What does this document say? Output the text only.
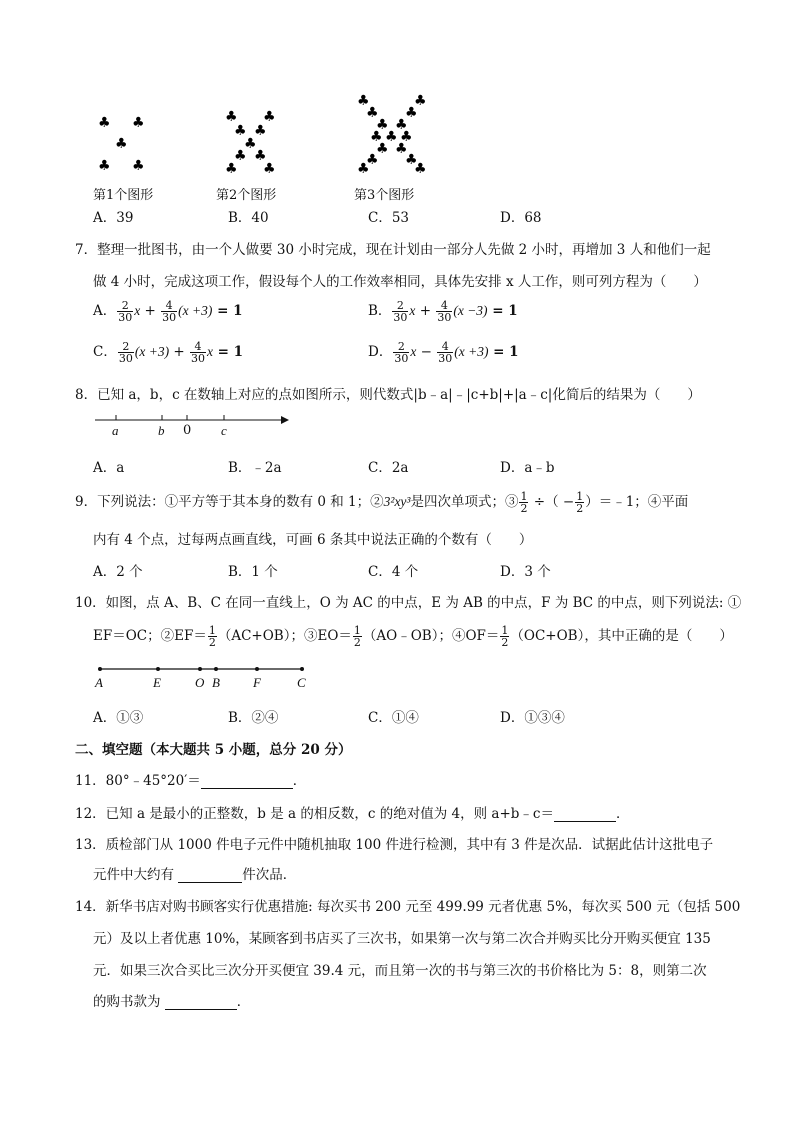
♣ ♣
♣
♣ ♣
♣ ♣
♣ ♣
♣
♣ ♣
♣ ♣
♣	♣
♣ ♣
♣ ♣
♣ ♣ ♣
♣ ♣
♣ ♣
♣	♣
第1个图形	第2个图形	第3个图形
A．39	B．40	C．53	D．68
7．整理一批图书，由一个人做要 30 小时完成，现在计划由一部分人先做 2 小时，再增加 3 人和他们一起
做 4 小时，完成这项工作，假设每个人的工作效率相同，具体先安排 x 人工作，则可列方程为（　　）
A． $\frac{2}{30}$ $x + \frac{4}{30} (x +3) = 1$	B． $\frac{2}{30}$ $x + \frac{4}{30} (x -3) = 1$
C． $\frac{2}{30} (x +3) + \frac{4}{30}$ x = 1	D． $\frac{2}{30}$ $x - \frac{4}{30} (x +3) = 1$
8．已知 a，b，c 在数轴上对应的点如图所示，则代数式|b﹣a|﹣|c+b|+|a﹣c|化简后的结果为（　　）
a	b 0 c
A．a	B．﹣2a	C．2a	D．a﹣b
9．下列说法：①平方等于其本身的数有 0 和 1；②3²xy³是四次单项式；③ $\frac{1}{2}$ ÷（ − $\frac{1}{2}$ ）＝﹣1；④平面
内有 4 个点，过每两点画直线，可画 6 条其中说法正确的个数有（　　）
A．2 个	B．1 个	C．4 个	D．3 个
10．如图，点 A、B、C 在同一直线上，O 为 AC 的中点，E 为 AB 的中点，F 为 BC 的中点，则下列说法: ①
EF＝OC；②EF＝ $\frac{1}{2} (AC+OB)$；③EO＝ $\frac{1}{2}$ （AO﹣OB）；④OF＝ $\frac{1}{2} (OC+OB)$，其中正确的是（　　）
A	E	O B	F	C
A．①③	B．②④	C．①④	D．①③④
二、填空题（本大题共 5 小题，总分 20 分）
11．80°﹣45°20′＝	．
12．已知 a 是最小的正整数，b 是 a 的相反数，c 的绝对值为 4，则 a+b﹣c＝	．
13．质检部门从 1000 件电子元件中随机抽取 100 件进行检测，其中有 3 件是次品．试据此估计这批电子
元件中大约有	件次品．
14．新华书店对购书顾客实行优惠措施: 每次买书 200 元至 499.99 元者优惠 5%，每次买 500 元（包括 500
元）及以上者优惠 10%，某顾客到书店买了三次书，如果第一次与第二次合并购买比分开购买便宜 135
元．如果三次合买比三次分开买便宜 39.4 元，而且第一次的书与第三次的书价格比为 5：8，则第二次
的购书款为	．
